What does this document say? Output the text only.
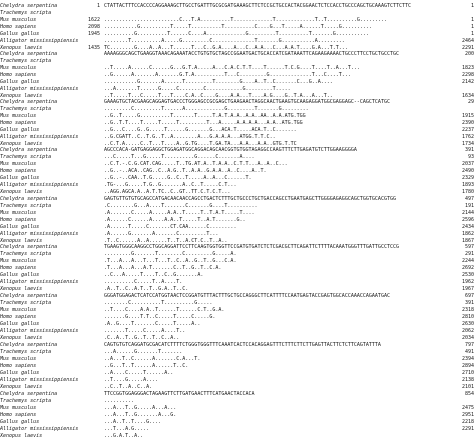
Chelydra serpentina	1 CTATTACTTTCCACCCCAGGAAAGCTTGCCTGATTTGCGCGATGAAAGCTTCTCCGCTGCCACTACGGAACTCTCCACCTGCCCAGCTGCAAAGTCTTCTTC	1
Trachemys scripta
Mus musculus	1622 .........................C...T.A..........T.............T.............T..T..........G.........	1
Homo sapiens	2098 ...........G..........T.....T..........T..........C....G...T.....A......T.....G..........	1
Gallus gallus	1945 ..........G..........T......C....A.............G.........T..........T.......G...........	1
Alligator mississippiensis	........T..........A.....G.........C..............T.......G...........A.........	2464
Xenopus laevis	1435 TC........G....A..A...T......T...C..G.A....A...C..A.A...C...A.A.T....G.A...T.T...	2291
Chelydra serpentina	AAAAGGGCAGCTGAAGGTAAACAGAAATACCTGTGTGCTAGCCGGAATGACTGCACCATCGATAAATTCAGAAGAAAACTGCCCTTCCTGCTGCCTGC	200
Trachemys scripta
Mus musculus	..T.....A......C......G...G.T.A.....A...C.A.C.T.T....T......T.C.G....T....T..A...T...	1823
Homo sapiens	..G......A.......A.......G.T.A..........T...C.........G..............T...C....T...	2298
Gallus gallus	...........G.......A......T.........T........G....A..T..C.......C...G..A....	2142
Alligator mississippiensis	...A.......T......G.....C........C............G.........T.....
Xenopus laevis	..T.....T...C.....T...T....C.A..C....G....A.A...T....A.G....G..T.A...A...T..	1634
Chelydra serpentina	GAAAGTGCTACGAAGCAGGAGTGACCCTGGGAGCCGCGAGCTGAAGAACTAGGCAACTGAAGTGCAAGAGGATGGCGAGGAGC--CAGCTCATGC	29
Trachemys scripta	.........C.........T......A.............G.........T.......G.........
Mus musculus	..G..T.....G..........T.......T.....T.A.T.A.A..A.A..AA..A.A.ATG.TGG	1915
Homo sapiens	..G..T.T....T.....T.....T.........T...A.....A.A.A.A...A.A..ATG.TGG	2390
Gallus gallus	..G...C....G..G.....T......G.......G...ACA.T.....ACA.T..C.......	2237
Alligator mississippiensis	..G.CGATT..C..T.G..T..A........A...G.A.A.A...ATGG.T.T.C..	1762
Xenopus laevis	..C.T.A.....C..T...T....A..G.TG....T.GA.TA...A.A...A.A..GTG.T.TC	1734
Chelydra serpentina	AGCCCACA-GATGAGGAGGCTGGAGATGGCAGGACAGCAACGGTGTGGTAGAGGCCAAGTTTCTTGAGATGTCTTGGAAGGGGA	391
Trachemys scripta	...C.....T...G.....T..........G......C.......A....	93
Mus musculus	..C.T.-.C.G.CAT.CAG.....T..TG.AT.A..T.A.A..C.T.T...A..A..C...	2037
Homo sapiens	..G..-..ACA..CAG..C..A.G..T..A.A..G.A.A..A..C....A..T.	2490
Gallus gallus	..G..-..CAA..T.G.....G..C..T.....A..A...C......T.	2329
Alligator mississippiensis	.TG-...G.....T.G..G.......A..C..T.....C.T...	1893
Xenopus laevis	..AGG.AGCA.A..A.T.TC..C..GT..TT.C.T.C.T...	1780
Chelydra serpentina	GAGTGTTGTGTGCAGCCATGACAACAACCAGCCTGACTCTTTGCTGCCCTGCTGACCAGCCTGAATGAGCTTGGGGAGAGGCAGCTGGTGCACGTGG	497
Trachemys scripta	.C........G...A....T.......C.......G....T..........	191
Mus musculus	.A.......C.....A.....A.A..T.....T..T.A.T.....T....	2144
Homo sapiens	.A......C......A....A.A..T.....T..A.T.......G..	2596
Gallus gallus	.A......T.....C.......CT.CAA......C.........	2434
Alligator mississippiensis	.A......G.......A.......C.........T...	1862
Xenopus laevis	.T..C......A..A......T..T..A.CT.C..T..A..	1867
Chelydra serpentina	TGAAGTGGGCAAGGCCTGGCAGGATTCCTTCAAGTGGTGGTTCCGATGTGATCTCTCGACGCTTCAGATTCTTTTACAAATGGGTTTGATTGCCTCCG	597
Trachemys scripta	.........G.......T........C.........G.....A.	291
Mus musculus	.T...A...A...T...T...T..C..A..G..T..G...C.A.	2244
Homo sapiens	.T...A...A...A.T.......C..T..G..T..C.A.	2692
Gallus gallus	..C...A.....T....T..C..G.......A.	2530
Alligator mississippiensis	..........C.....T..A....T.	1962
Xenopus laevis	.A..T..C..A.T..T..G.A..T..C.	1967
Chelydra serpentina	GGGATGGAGACTCATCCATGGTAACTCCGGATGTTTACTTTGCTGCCAGGGCTTCATTTTCCAATGAGTACCGAGTGGCACCAAACCAGAATGAC	697
Trachemys scripta	........C..........T..........G.....	391
Mus musculus	..T....C....A.A..T......T......C.T..G.A.	2318
Homo sapiens	.......G....T.T..C.....T.....C.....G.	2810
Gallus gallus	.A..G....T.......C.....T.....A..	2630
Alligator mississippiensis	.......T.....C.....A....T..	2062
Xenopus laevis	.C..A..T..G..T..T..C..A..	2034
Chelydra serpentina	CAGTGTGTCAGGATGCGACATCTTTTCTGGGTGGGTTTCAAATCACTCCACAGGAGTTTCTTTCTTCTTGAGTTACTTCTCTTCAGTATTTA	797
Trachemys scripta	...A......G.......T.......	491
Mus musculus	..A...T..C......A.......C.A...T.	2394
Homo sapiens	..G...T..T......A......T..C.	2894
Gallus gallus	..A....C.....T......A..	2710
Alligator mississippiensis	..T....G.....A....	2138
Xenopus laevis	..C..T..A..C..A.	2101
Chelydra serpentina	TTCCGGTGGAGGGACTAGAAGTTCTTGATGAACTTTCATGAACTACCACA	854
Trachemys scripta	..........
Mus musculus	...A...T..G.....A...A...	2475
Homo sapiens	...A...T..G.......A...G.	2951
Gallus gallus	...A..T..T....G....	2218
Alligator mississippiensis	...T...A.G.....	2291
Xenopus laevis	...G.A.T..A..
